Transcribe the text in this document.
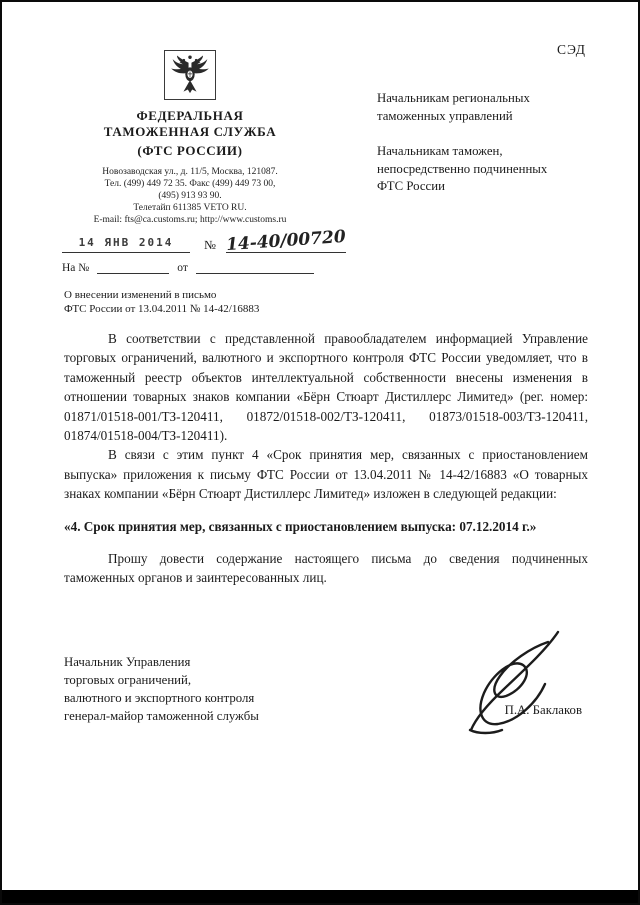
СЭД
ФЕДЕРАЛЬНАЯ
ТАМОЖЕННАЯ СЛУЖБА
(ФТС РОССИИ)
Новозаводская ул., д. 11/5, Москва, 121087.
Тел. (499) 449 72 35. Факс (499) 449 73 00,
(495) 913 93 90.
Телетайп 611385 VETO RU.
E-mail: fts@ca.customs.ru; http://www.customs.ru
Начальникам региональных
таможенных управлений
Начальникам таможен,
непосредственно подчиненных
ФТС России
14 ЯНВ 2014	№ 14-40/00720
На №	от
О внесении изменений в письмо
ФТС России от 13.04.2011 № 14-42/16883

В соответствии с представленной правообладателем информацией Управление торговых ограничений, валютного и экспортного контроля ФТС России уведомляет, что в таможенный реестр объектов интеллектуальной собственности внесены изменения в отношении товарных знаков компании «Бёрн Стюарт Дистиллерс Лимитед» (рег. номер: 01871/01518-001/ТЗ-120411, 01872/01518-002/ТЗ-120411, 01873/01518-003/ТЗ-120411, 01874/01518-004/ТЗ-120411).

В связи с этим пункт 4 «Срок принятия мер, связанных с приостановлением выпуска» приложения к письму ФТС России от 13.04.2011 № 14-42/16883 «О товарных знаках компании «Бёрн Стюарт Дистиллерс Лимитед» изложен в следующей редакции:

«4. Срок принятия мер, связанных с приостановлением выпуска: 07.12.2014 г.»

Прошу довести содержание настоящего письма до сведения подчиненных таможенных органов и заинтересованных лиц.

Начальник Управления
торговых ограничений,
валютного и экспортного контроля
генерал-майор таможенной службы	П.А. Баклаков
